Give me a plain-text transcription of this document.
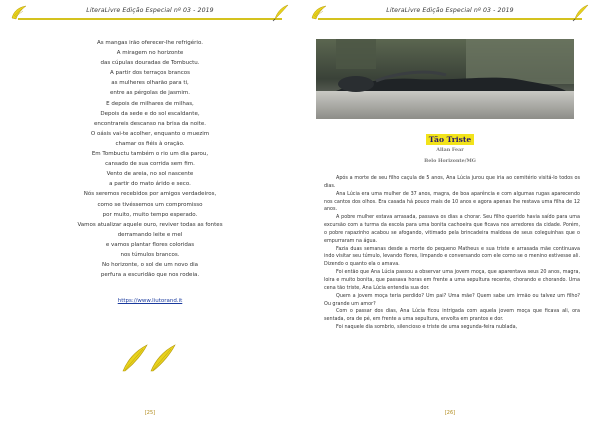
LiteraLivre Edição Especial nº 03 - 2019
As mangas irão oferecer-lhe refrigério.
A miragem no horizonte
das cúpulas douradas de Tombuctu.
A partir dos terraços brancos
as mulheres olharão para ti,
entre as pérgolas de jasmim.
E depois de milhares de milhas,
Depois da sede e do sol escaldante,
encontrareis descanso na brisa da noite.
O oásis vai-te acolher, enquanto o muezim
chamar os fiéis à oração.
Em Tombuctu também o rio um dia parou,
cansado de sua corrida sem fim.
Vento de areia, no sol nascente
a partir do mato árido e seco.
Nós seremos recebidos por amigos verdadeiros,
como se tivéssemos um compromisso
por muito, muito tempo esperado.
Vamos atualizar aquele ouro, reviver todas as fontes
derramando leite e mel
e vamos plantar flores coloridas
nos túmulos brancos.
No horizonte, o sol de um novo dia
perfura a escuridão que nos rodeia.
https://www.liutorand.it
[25]
LiteraLivre Edição Especial nº 03 - 2019
Tão Triste
Allan Fear
Belo Horizonte/MG

Após a morte de seu filho caçula de 5 anos, Ana Lúcia jurou que iria ao cemitério visitá-lo todos os dias.

Ana Lúcia era uma mulher de 37 anos, magra, de boa aparência e com algumas rugas aparecendo nos cantos dos olhos. Era casada há pouco mais de 10 anos e agora apenas lhe restava uma filha de 12 anos.

A pobre mulher estava arrasada, passava os dias a chorar. Seu filho querido havia saído para uma excursão com a turma da escola para uma bonita cachoeira que ficava nos arredores da cidade. Porém, o pobre rapazinho acabou se afogando, vitimado pela brincadeira maldosa de seus coleguinhas que o empurraram na água.

Fazia duas semanas desde a morte do pequeno Matheus e sua triste e arrasada mãe continuava indo visitar seu túmulo, levando flores, limpando e conversando com ele como se o menino estivesse ali. Dizendo o quanto ela o amava.

Foi então que Ana Lúcia passou a observar uma jovem moça, que aparentava seus 20 anos, magra, loira e muito bonita, que passava horas em frente a uma sepultura recente, chorando e chorando. Uma cena tão triste, Ana Lúcia entendia sua dor.

Quem a jovem moça teria perdido? Um pai? Uma mãe? Quem sabe um irmão ou talvez um filho? Ou grande um amor?

Com o passar dos dias, Ana Lúcia ficou intrigada com aquela jovem moça que ficava ali, ora sentada, ora de pé, em frente a uma sepultura, envolta em prantos e dor.

Foi naquele dia sombrio, silencioso e triste de uma segunda-feira nublada,

[26]
